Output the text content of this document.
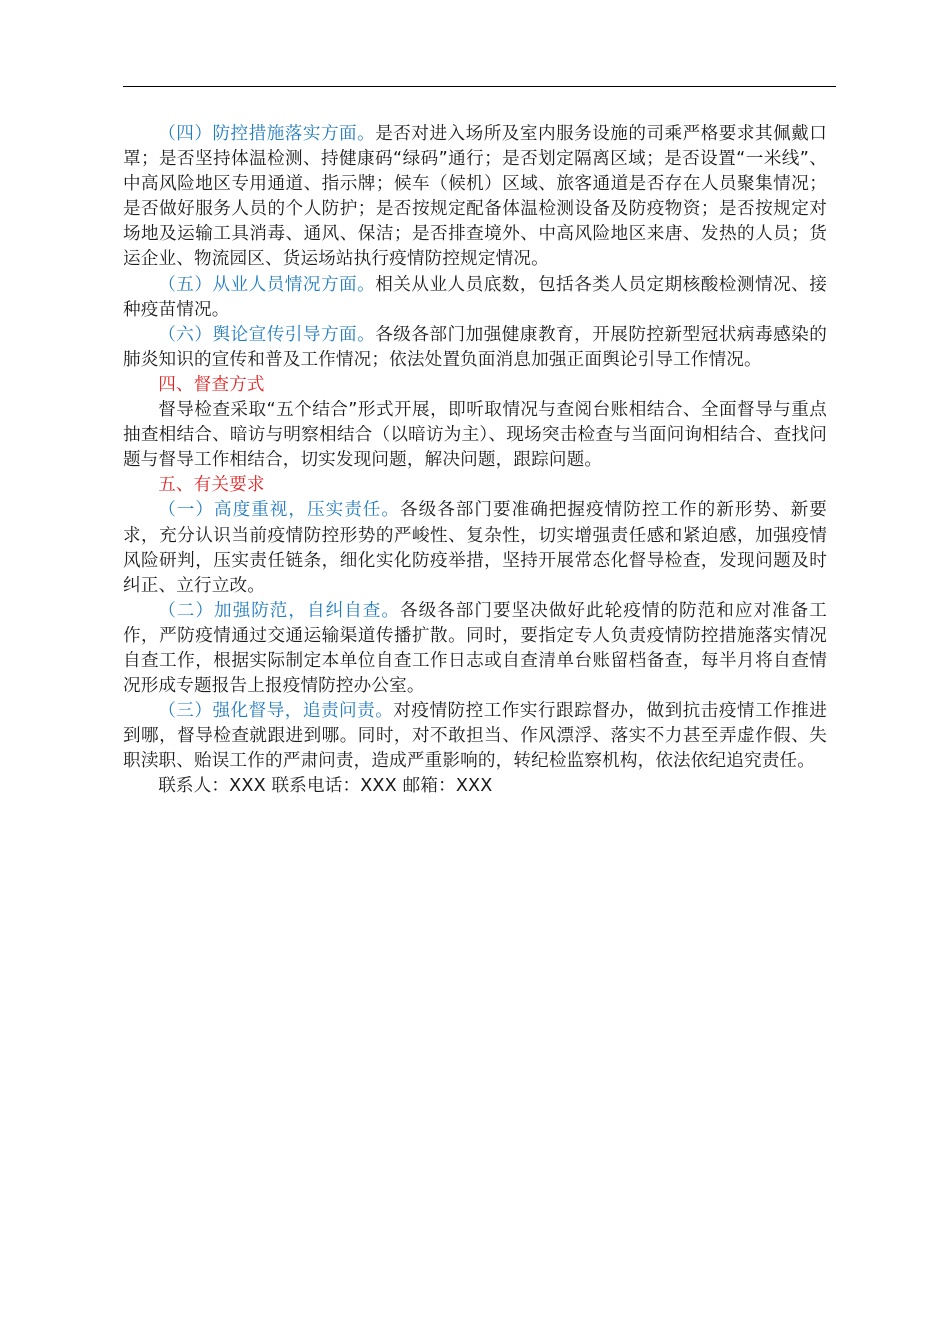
（四）防控措施落实方面。是否对进入场所及室内服务设施的司乘严格要求其佩戴口罩；是否坚持体温检测、持健康码“绿码”通行；是否划定隔离区域；是否设置“一米线”、中高风险地区专用通道、指示牌；候车（候机）区域、旅客通道是否存在人员聚集情况；是否做好服务人员的个人防护；是否按规定配备体温检测设备及防疫物资；是否按规定对场地及运输工具消毒、通风、保洁；是否排查境外、中高风险地区来唐、发热的人员；货运企业、物流园区、货运场站执行疫情防控规定情况。

（五）从业人员情况方面。相关从业人员底数，包括各类人员定期核酸检测情况、接种疫苗情况。

（六）舆论宣传引导方面。各级各部门加强健康教育，开展防控新型冠状病毒感染的肺炎知识的宣传和普及工作情况；依法处置负面消息加强正面舆论引导工作情况。

四、督查方式

督导检查采取“五个结合”形式开展，即听取情况与查阅台账相结合、全面督导与重点抽查相结合、暗访与明察相结合（以暗访为主）、现场突击检查与当面问询相结合、查找问题与督导工作相结合，切实发现问题，解决问题，跟踪问题。

五、有关要求

（一）高度重视，压实责任。各级各部门要准确把握疫情防控工作的新形势、新要求，充分认识当前疫情防控形势的严峻性、复杂性，切实增强责任感和紧迫感，加强疫情风险研判，压实责任链条，细化实化防疫举措，坚持开展常态化督导检查，发现问题及时纠正、立行立改。

（二）加强防范，自纠自查。各级各部门要坚决做好此轮疫情的防范和应对准备工作，严防疫情通过交通运输渠道传播扩散。同时，要指定专人负责疫情防控措施落实情况自查工作，根据实际制定本单位自查工作日志或自查清单台账留档备查，每半月将自查情况形成专题报告上报疫情防控办公室。

（三）强化督导，追责问责。对疫情防控工作实行跟踪督办，做到抗击疫情工作推进到哪，督导检查就跟进到哪。同时，对不敢担当、作风漂浮、落实不力甚至弄虚作假、失职渎职、贻误工作的严肃问责，造成严重影响的，转纪检监察机构，依法依纪追究责任。

联系人：XXX 联系电话：XXX 邮箱：XXX
